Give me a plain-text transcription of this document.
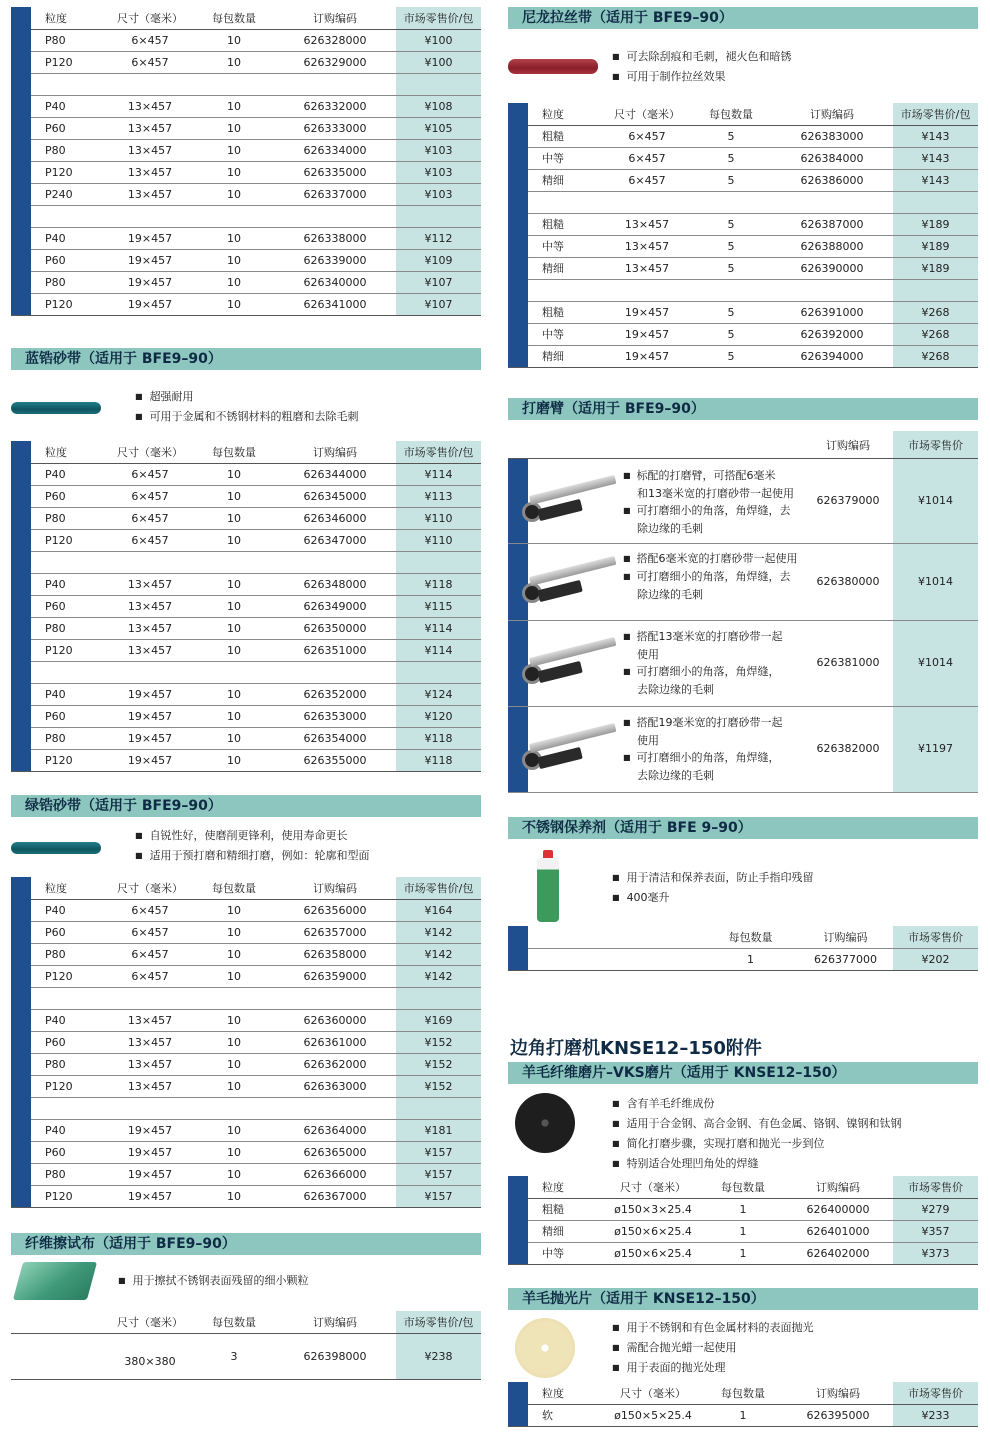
	粒度	尺寸（毫米）	每包数量	订购编码	市场零售价/包
	P80	6×457	10	626328000	¥100
	P120	6×457	10	626329000	¥100

	P40	13×457	10	626332000	¥108
	P60	13×457	10	626333000	¥105
	P80	13×457	10	626334000	¥103
	P120	13×457	10	626335000	¥103
	P240	13×457	10	626337000	¥103

	P40	19×457	10	626338000	¥112
	P60	19×457	10	626339000	¥109
	P80	19×457	10	626340000	¥107
	P120	19×457	10	626341000	¥107
蓝锆砂带（适用于 BFE9–90）
■ 超强耐用
■ 可用于金属和不锈钢材料的粗磨和去除毛刺
	粒度	尺寸（毫米）	每包数量	订购编码	市场零售价/包
	P40	6×457	10	626344000	¥114
	P60	6×457	10	626345000	¥113
	P80	6×457	10	626346000	¥110
	P120	6×457	10	626347000	¥110

	P40	13×457	10	626348000	¥118
	P60	13×457	10	626349000	¥115
	P80	13×457	10	626350000	¥114
	P120	13×457	10	626351000	¥114

	P40	19×457	10	626352000	¥124
	P60	19×457	10	626353000	¥120
	P80	19×457	10	626354000	¥118
	P120	19×457	10	626355000	¥118
绿锆砂带（适用于 BFE9–90）
■ 自锐性好，使磨削更锋利，使用寿命更长
■ 适用于预打磨和精细打磨，例如：轮廓和型面
	粒度	尺寸（毫米）	每包数量	订购编码	市场零售价/包
	P40	6×457	10	626356000	¥164
	P60	6×457	10	626357000	¥142
	P80	6×457	10	626358000	¥142
	P120	6×457	10	626359000	¥142

	P40	13×457	10	626360000	¥169
	P60	13×457	10	626361000	¥152
	P80	13×457	10	626362000	¥152
	P120	13×457	10	626363000	¥152

	P40	19×457	10	626364000	¥181
	P60	19×457	10	626365000	¥157
	P80	19×457	10	626366000	¥157
	P120	19×457	10	626367000	¥157
纤维擦试布（适用于 BFE9–90）
■ 用于擦拭不锈钢表面残留的细小颗粒
		尺寸（毫米）	每包数量	订购编码	市场零售价/包
		380×380	3	626398000	¥238
尼龙拉丝带（适用于 BFE9–90）
■ 可去除刮痕和毛刺，褪火色和暗锈
■ 可用于制作拉丝效果
	粒度	尺寸（毫米）	每包数量	订购编码	市场零售价/包
	粗糙	6×457	5	626383000	¥143
	中等	6×457	5	626384000	¥143
	精细	6×457	5	626386000	¥143

	粗糙	13×457	5	626387000	¥189
	中等	13×457	5	626388000	¥189
	精细	13×457	5	626390000	¥189

	粗糙	19×457	5	626391000	¥268
	中等	19×457	5	626392000	¥268
	精细	19×457	5	626394000	¥268
打磨臂（适用于 BFE9–90）
订购编码	市场零售价

■ 标配的打磨臂，可搭配6毫米

和13毫米宽的打磨砂带一起使用

■ 可打磨细小的角落，角焊缝，去

除边缘的毛刺

626379000	¥1014

■ 搭配6毫米宽的打磨砂带一起使用

■ 可打磨细小的角落，角焊缝，去

除边缘的毛刺

626380000	¥1014

■ 搭配13毫米宽的打磨砂带一起

使用

■ 可打磨细小的角落，角焊缝，

去除边缘的毛刺

626381000	¥1014

■ 搭配19毫米宽的打磨砂带一起

使用

■ 可打磨细小的角落，角焊缝，

去除边缘的毛刺

626382000	¥1197
不锈钢保养剂（适用于 BFE 9–90）
■ 用于清洁和保养表面，防止手指印残留
■ 400毫升
		每包数量	订购编码	市场零售价
		1	626377000	¥202
边角打磨机KNSE12–150附件
羊毛纤维磨片–VKS磨片（适用于 KNSE12–150）
■ 含有羊毛纤维成份
■ 适用于合金钢、高合金钢、有色金属、铬钢、镍钢和钛钢
■ 简化打磨步骤，实现打磨和抛光一步到位
■ 特别适合处理凹角处的焊缝
	粒度	尺寸（毫米）	每包数量	订购编码	市场零售价
	粗糙	ø150×3×25.4	1	626400000	¥279
	精细	ø150×6×25.4	1	626401000	¥357
	中等	ø150×6×25.4	1	626402000	¥373
羊毛抛光片（适用于 KNSE12–150）
■ 用于不锈钢和有色金属材料的表面抛光
■ 需配合抛光蜡一起使用
■ 用于表面的抛光处理
	粒度	尺寸（毫米）	每包数量	订购编码	市场零售价
	软	ø150×5×25.4	1	626395000	¥233
